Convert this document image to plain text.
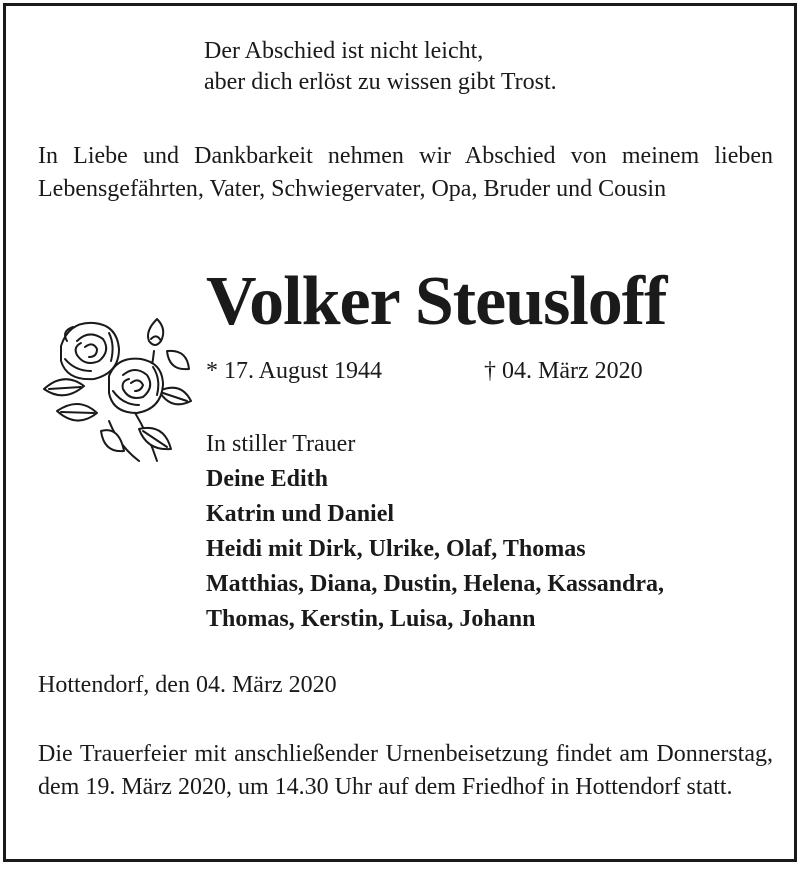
Der Abschied ist nicht leicht,
aber dich erlöst zu wissen gibt Trost.
In Liebe und Dankbarkeit nehmen wir Abschied von meinem lieben Lebensgefährten, Vater, Schwiegervater, Opa, Bruder und Cousin
Volker Steusloff
* 17. August 1944	† 04. März 2020
In stiller Trauer
Deine Edith
Katrin und Daniel
Heidi mit Dirk, Ulrike, Olaf, Thomas
Matthias, Diana, Dustin, Helena, Kassandra,
Thomas, Kerstin, Luisa, Johann
Hottendorf, den 04. März 2020
Die Trauerfeier mit anschließender Urnenbeisetzung findet am Donnerstag, dem 19. März 2020, um 14.30 Uhr auf dem Friedhof in Hottendorf statt.
